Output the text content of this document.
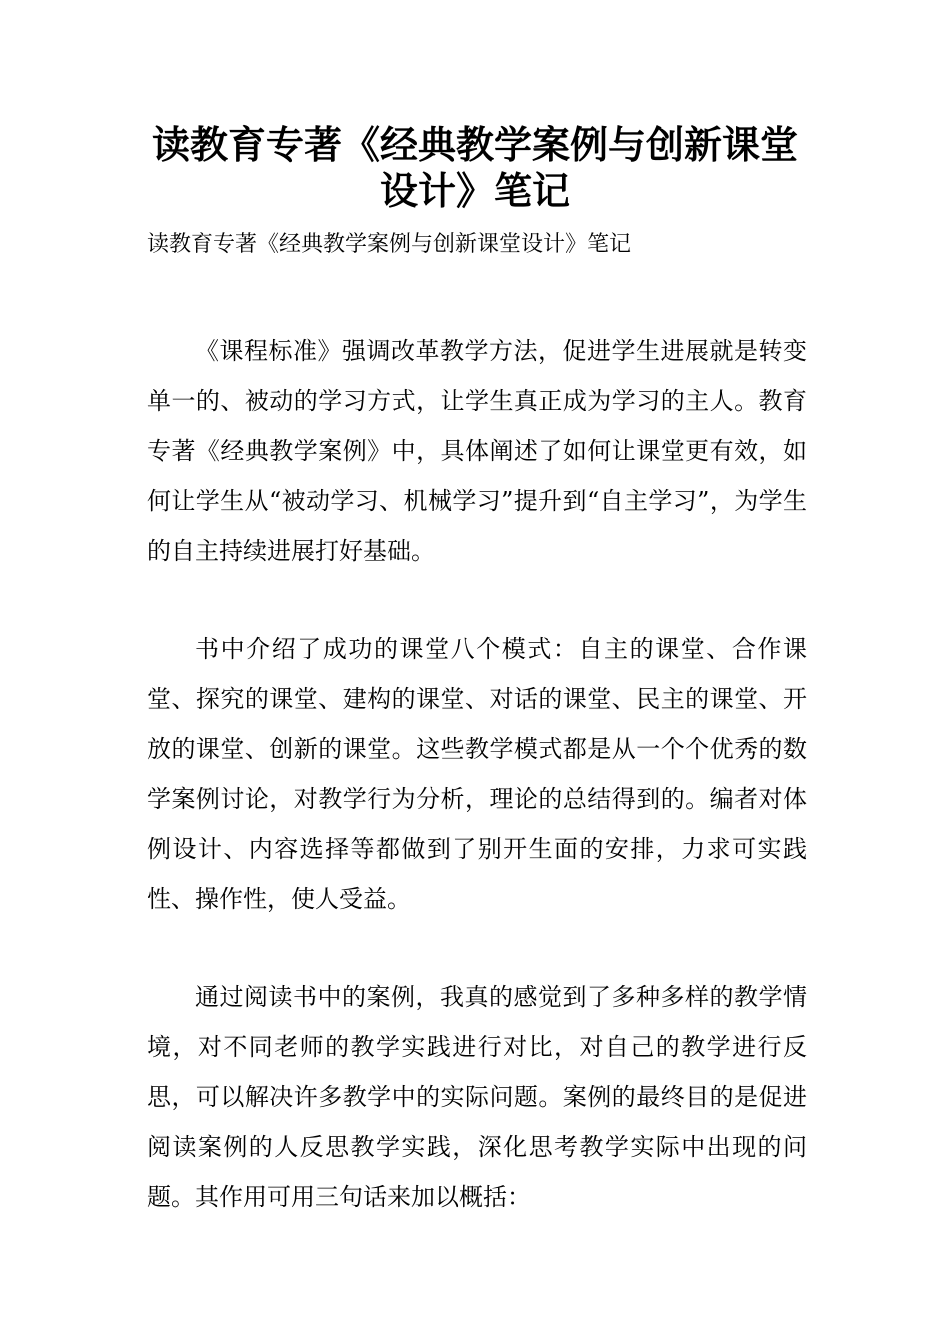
读教育专著《经典教学案例与创新课堂设计》笔记

读教育专著《经典教学案例与创新课堂设计》笔记

《课程标准》强调改革教学方法，促进学生进展就是转变单一的、被动的学习方式，让学生真正成为学习的主人。教育专著《经典教学案例》中，具体阐述了如何让课堂更有效，如何让学生从“被动学习、机械学习”提升到“自主学习”，为学生的自主持续进展打好基础。

书中介绍了成功的课堂八个模式：自主的课堂、合作课堂、探究的课堂、建构的课堂、对话的课堂、民主的课堂、开放的课堂、创新的课堂。这些教学模式都是从一个个优秀的数学案例讨论，对教学行为分析，理论的总结得到的。编者对体例设计、内容选择等都做到了别开生面的安排，力求可实践性、操作性，使人受益。

通过阅读书中的案例，我真的感觉到了多种多样的教学情境，对不同老师的教学实践进行对比，对自己的教学进行反思，可以解决许多教学中的实际问题。案例的最终目的是促进阅读案例的人反思教学实践，深化思考教学实际中出现的问题。其作用可用三句话来加以概括：
